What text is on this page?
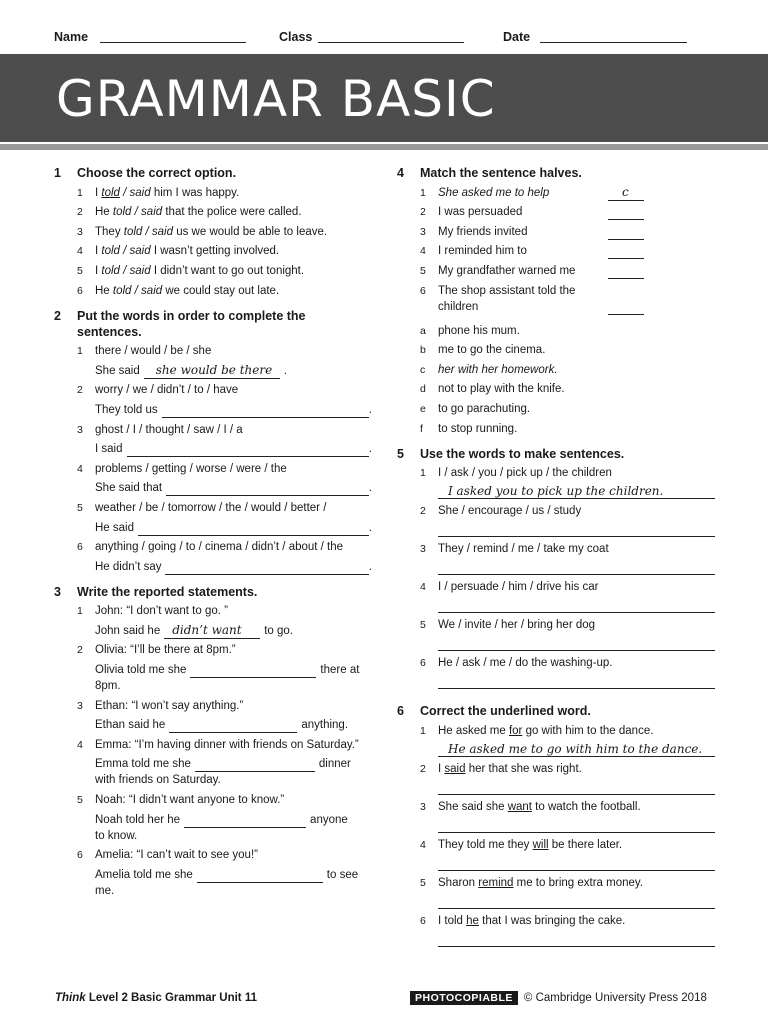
Name	Class	Date
GRAMMAR BASIC
1	Choose the correct option.
1	I told / said him I was happy.
2	He told / said that the police were called.
3	They told / said us we would be able to leave.
4	I told / said I wasn’t getting involved.
5	I told / said I didn’t want to go out tonight.
6	He told / said we could stay out late.
2	Put the words in order to complete the sentences.
1	there / would / be / she
She said she would be there .
2	worry / we / didn’t / to / have
They told us	.
3	ghost / I / thought / saw / I / a
I said	.
4	problems / getting / worse / were / the
She said that	.
5	weather / be / tomorrow / the / would / better /
He said	.
6	anything / going / to / cinema / didn’t / about / the
He didn’t say	.
3	Write the reported statements.
1	John: “I don’t want to go. ”
John said he didn’t want to go.
2	Olivia: “I’ll be there at 8pm.”
Olivia told me she	there at
8pm.
3	Ethan: “I won’t say anything.”
Ethan said he	anything.
4	Emma: “I’m having dinner with friends on Saturday.”
Emma told me she	dinner
with friends on Saturday.
5	Noah: “I didn’t want anyone to know.”
Noah told her he	anyone
to know.
6	Amelia: “I can’t wait to see you!”
Amelia told me she	to see
me.
4	Match the sentence halves.
1	She asked me to help	c
2	I was persuaded
3	My friends invited
4	I reminded him to
5	My grandfather warned me
6	The shop assistant told the children
a	phone his mum.
b	me to go the cinema.
c	her with her homework.
d	not to play with the knife.
e	to go parachuting.
f	to stop running.
5	Use the words to make sentences.
1	I / ask / you / pick up / the children
I asked you to pick up the children.
2	She / encourage / us / study
3	They / remind / me / take my coat
4	I / persuade / him / drive his car
5	We / invite / her / bring her dog
6	He / ask / me / do the washing-up.
6	Correct the underlined word.
1	He asked me for go with him to the dance.
He asked me to go with him to the dance.
2	I said her that she was right.
3	She said she want to watch the football.
4	They told me they will be there later.
5	Sharon remind me to bring extra money.
6	I told he that I was bringing the cake.
Think Level 2 Basic Grammar Unit 11	PHOTOCOPIABLE © Cambridge University Press 2018
